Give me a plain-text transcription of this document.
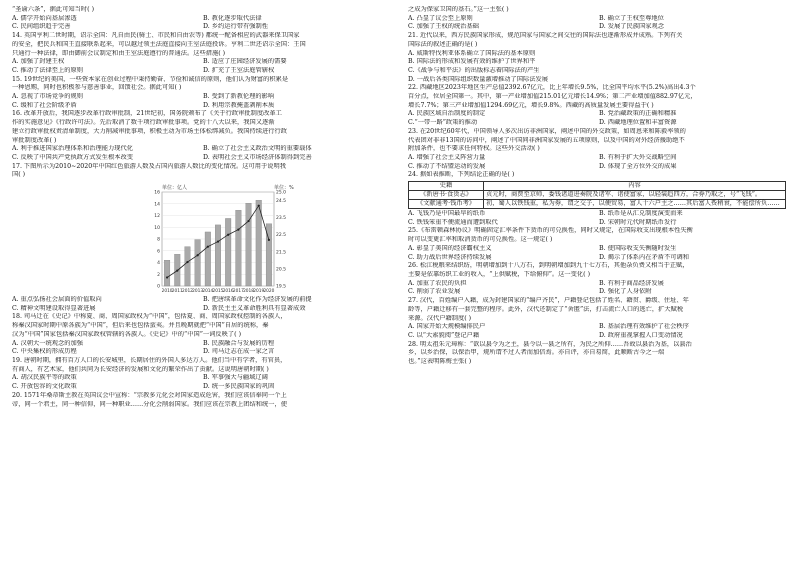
“圣谕六条”，据此可知当时( )
A. 儒学开始向基层渗透	B. 教化逐步取代法律
C. 民间组织趋于完善	D. 乡约运行带有强制性
14. 英国亨利二世时期，诏示全国：凡自由民(骑士、市民和自由农等) 都统一配备相应的武器来保卫国家
的安全，把民兵和国王直接联系起来，可以越过领主法庭直接向王室法庭投诉。亨利二世还诏示全国：王国
只通行一种法律，即由御前会议制定和由王室法庭遵行的普通法。这些措施( )
A. 加强了封建王权	B. 适应了庄园经济发展的需要
C. 推动了法律至上的原则	D. 扩充了王室法庭管辖权
15. 19世纪的美国，一些资本家在创业过程中秉持勤奋、节俭和诚信的原则，他们认为财富的积累是
一种恩赐，同时也积极参与慈善事业，回馈社会。据此可知( )
A. 忽视了市场竞争的规则	B. 受到了新教伦理的影响
C. 缓和了社会阶级矛盾	D. 利用宗教掩盖剥削本质
16. 改革开放后，我国逐步改革行政审批制，21世纪初，国务院颁布了《关于行政审批制度改革工
作的实施意见》《行政许可法》。先后取消了数千项行政审批事项。党的十八大以来，我国又逐渐
建立行政审批权责清单制度，大力削减审批事项，积极主动为市场主体松绑减负。我国持续进行行政
审批制度改革( )
A. 利于推进国家治理体系和治理能力现代化	B. 确立了社会主义政治文明的重要载体
C. 反映了中国共产党执政方式发生根本改变	D. 表明社会主义市场经济体制得到完善
17. 下图所示为2010~2020年中国红色旅游人数及占国内旅游人数比的变化情况。这可用于说明我
国( )
单位：亿人	单位：%
0
2
4
6
8
10
12
14
16
19.5
20.5
21.5
22.5
23.5
24.5
25.0
2010 2011 2012 2013 2014 2015 2016 2017 2018 2019 2020
A. 重点弘扬社会层面的价值取向	B. 把唐续革命文化作为经济发展的前提
C. 精神文明建设取得显著进展	D. 新民主主义革命胜利具有显著成效
18. 司马迁在《史记》中称夏、商、周国家政权为“中国”，包括夏、商、周国家政权控制的各族人，
称秦汉国家时期中原各族为“中国”，但后来也包括蛮夷。并且晚期就把“中国”自居的统称，秦
汉为“中国”国家包括秦汉国家政权管辖的各族人。《史记》中的“中国”一词反映了( )
A. 汉朝大一统观念的加强	B. 民族融合与发展的历程
C. 中央集权的形成历程	D. 司马迁志在成一家之言
19. 唐朝时期，拥有百万人口的长安城里，长期居住的外国人多达万人。他们当中有学者，有官员，
有商人，有艺术家，他们共同为长安经济的发展和文化的繁荣作出了贡献。这说明唐朝时期( )
A. 胡汉民族平等的政策	B. 军事强大与疆域辽阔
C. 开放包容的文化政策	D. 统一多民族国家的巩固
20. 1571年桑蒂斯主教在英国议会中宣称：“宗教多元化会对国家造成危害，我们应该信奉同一个上
帝，同一个君主，同一种信仰，同一种职业……分化会削弱国家。我们应该在宗教上团结和统一，使
之成为保家卫国的基石。”这一主张( )
A. 凸显了议会至上原则	B. 确立了王权至尊地位
C. 加强了王权的统治基础	D. 发展了民族国家观念
21. 近代以来，西方民族国家形成，规范国家与国家之间交往的国际法也逐渐形成并成熟。下列有关
国际法的叙述正确的是( )
A. 威斯特伐利亚体系确立了国际法的基本原则
B. 国际法的形成和发展有效的维护了世界和平
C.《战争与和平法》的出版标志着国际法的产生
D. 一战后各类国际组织数量激增推动了国际法发展
22. 西藏地区2023年地区生产总值2392.67亿元，比上年增长9.5%，比全国平均水平(5.2%)高出4.3个
百分点，位居全国第一。其中，第一产业增加值215.01亿元增长14.9%；第二产业增加值882.97亿元，
增长7.7%；第三产业增加值1294.69亿元，增长9.8%。西藏的高质量发展主要得益于( )
A. 民族区域自治制度的制定	B. 党治藏政策的正确和精准
C.“一带一路”政策的推动	D. 西藏地理位置和丰富资源
23. 在20世纪60年代，中国领导人多次出访非洲国家，阐述中国的外交政策，如周恩来和陈毅率领的
代表团对非非13国的访问中，阐述了中国同非洲国家发展的五项原则，以及中国的对外经济援助绝不
附加条件，也不要求任何特权。这些外交活动( )
A. 增强了社会主义阵营力量	B. 有利于扩大外交战略空间
C. 推动了不结盟运动的发展	D. 体现了全方位外交的成果
24. 据如表推断，下列结论正确的是( )
史籍	内容
《新唐书·食货志》	贞元时，商贾至京师，委钱诸道进奏院及诸军、诸使富家，以轻装趋四方，合券乃取之，号“飞钱”。
《文献通考·钱币考》	初，蜀人以铁钱重，私为券，谓之交子，以便贸易，富人十六户主之……其后富人赀稍衰，不能偿所负……
A. 飞钱乃是中国最早的纸币	B. 纸币是从汇兑制度演变而来
C. 铁钱笨重不便流通而遭到取代	D. 宋朝时元代时期纸币发行
25.《布雷顿森林协议》明确固定汇率条件下货币的可兑换性，同时又规定，在国际收支出现根本性失衡
时可以变更汇率和取消货币的可兑换性。这一规定( )
A. 彰显了美国的经济霸权主义	B. 使国际收支失衡随时发生
C. 助力战后世界经济持续发展	D. 揭示了体系内在矛盾不可调和
26. 松江税粮来结织纺，明朝增加到十八万石，到明朝增加到九十七万石，其他杂负费又相当于正赋，
主要是依靠纺织工业的收入，“上供赋税，下给俯仰”。这一变化( )
A. 加重了农民的负担	B. 有利于商品经济发展
C. 削弱了农业发展	D. 强化了人身依附
27. 汉代，百姓编户入籍，成为封建国家的“编户齐民”，户籍登记包括了姓名、籍贯、爵级、住址、年
龄等，户籍迁移有一套完整的程序。此外，汉代还制定了“舍匿”法，打击流亡人口的逃亡，扩大赋税
来源。汉代户籍制度( )
A. 国家开始大规模编排民户	B. 基层治理有效维护了社会秩序
C. 以“大索貌阅”登记户籍	D. 政府重视掌握人口变动情况
28. 明太祖朱元璋称：“欲以县令为之主，县令以一县之所有，为民之所仰……吾故以县治为基，以县治
乡，以乡治保，以保治甲，规所谓不过人者而加倍焉。亦自评，亦自易简，此顺断古今之一端
也。”这表明陈梅主张( )
